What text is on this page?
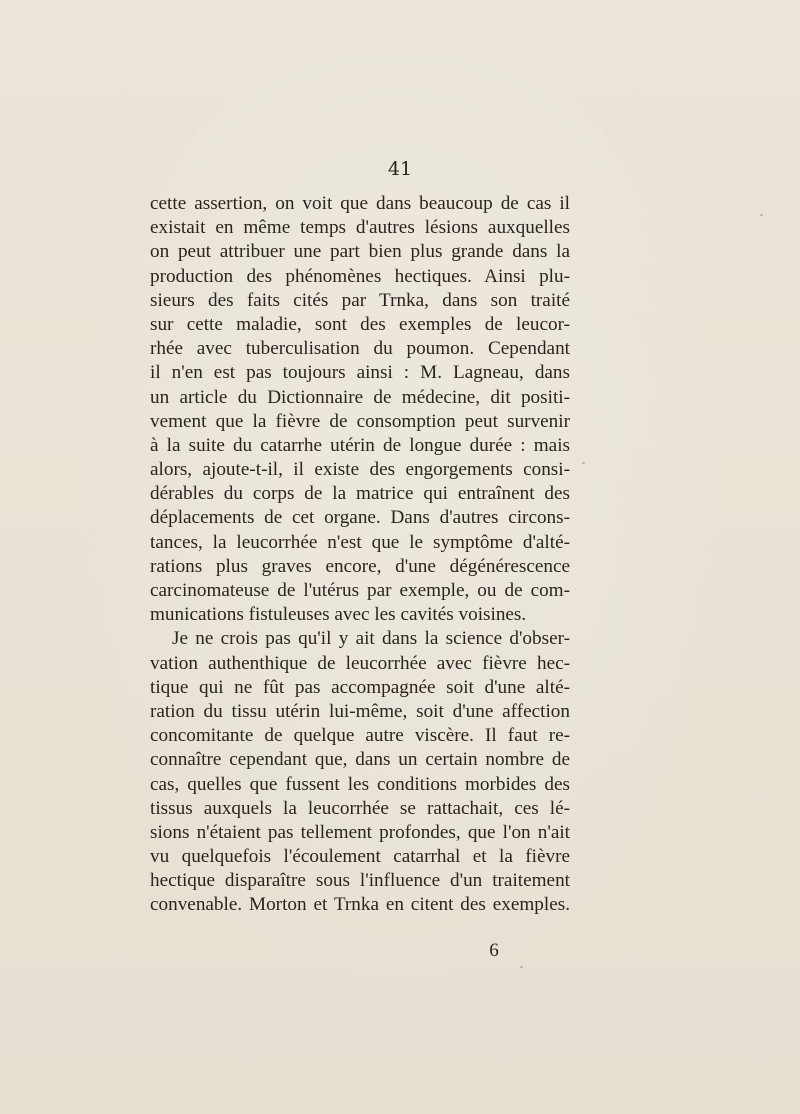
41
cette assertion, on voit que dans beaucoup de cas il
existait en même temps d'autres lésions auxquelles
on peut attribuer une part bien plus grande dans la
production des phénomènes hectiques. Ainsi plu-
sieurs des faits cités par Trnka, dans son traité
sur cette maladie, sont des exemples de leucor-
rhée avec tuberculisation du poumon. Cependant
il n'en est pas toujours ainsi : M. Lagneau, dans
un article du Dictionnaire de médecine, dit positi-
vement que la fièvre de consomption peut survenir
à la suite du catarrhe utérin de longue durée : mais
alors, ajoute-t-il, il existe des engorgements consi-
dérables du corps de la matrice qui entraînent des
déplacements de cet organe. Dans d'autres circons-
tances, la leucorrhée n'est que le symptôme d'alté-
rations plus graves encore, d'une dégénérescence
carcinomateuse de l'utérus par exemple, ou de com-
munications fistuleuses avec les cavités voisines.
Je ne crois pas qu'il y ait dans la science d'obser-
vation authenthique de leucorrhée avec fièvre hec-
tique qui ne fût pas accompagnée soit d'une alté-
ration du tissu utérin lui-même, soit d'une affection
concomitante de quelque autre viscère. Il faut re-
connaître cependant que, dans un certain nombre de
cas, quelles que fussent les conditions morbides des
tissus auxquels la leucorrhée se rattachait, ces lé-
sions n'étaient pas tellement profondes, que l'on n'ait
vu quelquefois l'écoulement catarrhal et la fièvre
hectique disparaître sous l'influence d'un traitement
convenable. Morton et Trnka en citent des exemples.
6
